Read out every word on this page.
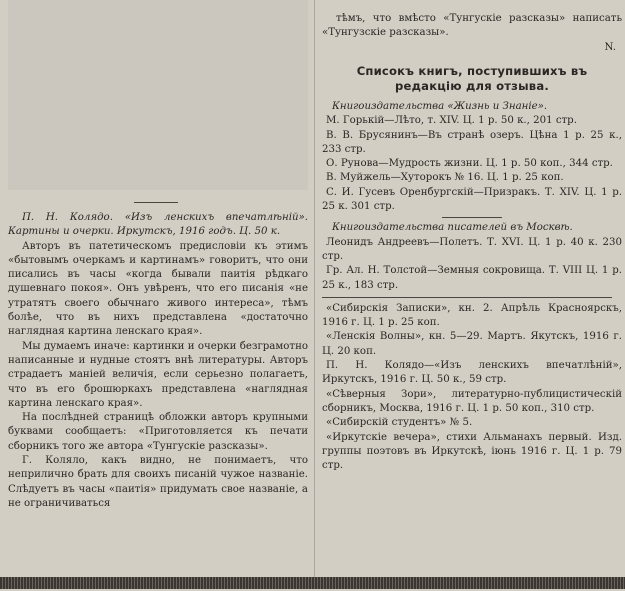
П. Н. Колядо. «Изъ ленскихъ впечатлѣній». Картины и очерки. Иркутскъ, 1916 годъ. Ц. 50 к.

Авторъ въ патетическомъ предисловіи къ этимъ «бытовымъ очеркамъ и картинамъ» говоритъ, что они писались въ часы «когда бывали паитія рѣдкаго душевнаго покоя». Онъ увѣренъ, что его писанія «не утратятъ своего обычнаго живого интереса», тѣмъ болѣе, что въ нихъ представлена «достаточно наглядная картина ленскаго края».

Мы думаемъ иначе: картинки и очерки безграмотно написанные и нудные стоятъ внѣ литературы. Авторъ страдаетъ маніей величія, если серьезно полагаетъ, что въ его брошюркахъ представлена «наглядная картина ленскаго края».

На послѣдней страницѣ обложки авторъ крупными буквами сообщаетъ: «Приготовляется къ печати сборникъ того же автора «Тунгускіе разсказы».

Г. Коляло, какъ видно, не понимаетъ, что неприлично брать для своихъ писаній чужое названіе. Слѣдуетъ въ часы «паитія» придумать свое названіе, а не ограничиваться

тѣмъ, что вмѣсто «Тунгускіе разсказы» написать «Тунгузскіе разсказы».

N.

Списокъ книгъ, поступившихъ въ редакцію для отзыва.

Книгоиздательства «Жизнь и Знаніе».

М. Горькій—Лѣто, т. XIV. Ц. 1 р. 50 к., 201 стр.

В. В. Брусянинъ—Въ странѣ озеръ. Цѣна 1 р. 25 к., 233 стр.

О. Рунова—Мудрость жизни. Ц. 1 р. 50 коп., 344 стр.

В. Муйжель—Хуторокъ № 16. Ц. 1 р. 25 коп.

С. И. Гусевъ Оренбургскій—Призракъ. Т. XIV. Ц. 1 р. 25 к. 301 стр.

Книгоиздательства писателей въ Москвѣ.

Леонидъ Андреевъ—Полетъ. Т. XVI. Ц. 1 р. 40 к. 230 стр.

Гр. Ал. Н. Толстой—Земныя сокровища. Т. VIII Ц. 1 р. 25 к., 183 стр.

«Сибирскія Записки», кн. 2. Апрѣль Красноярскъ, 1916 г. Ц. 1 р. 25 коп.

«Ленскія Волны», кн. 5—29. Мартъ. Якутскъ, 1916 г. Ц. 20 коп.

П. Н. Колядо—«Изъ ленскихъ впечатлѣній», Иркутскъ, 1916 г. Ц. 50 к., 59 стр.

«Сѣверныя Зори», литературно-публицистическій сборникъ, Москва, 1916 г. Ц. 1 р. 50 коп., 310 стр.

«Сибирскій студентъ» № 5.

«Иркутскіе вечера», стихи Альманахъ первый. Изд. группы поэтовъ въ Иркутскѣ, іюнь 1916 г. Ц. 1 р. 79 стр.
